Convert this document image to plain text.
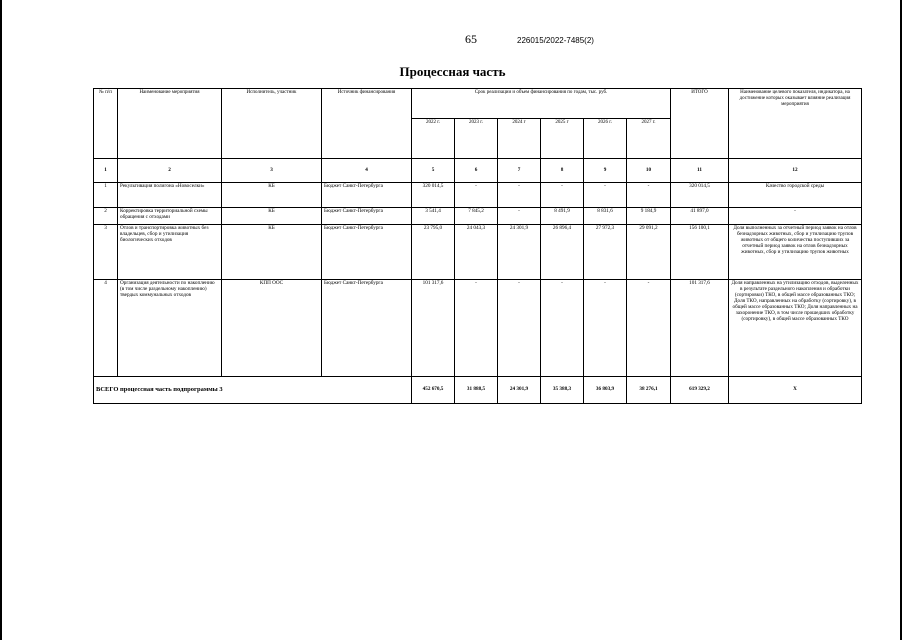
65	226015/2022-7485(2)
Процессная часть
№ п/п	Наименование мероприятия	Исполнитель, участник	Источник финансирования	Срок реализации и объем финансирования по годам, тыс. руб.						ИТОГО	Наименование целевого показателя, индикатора, на достижение которых оказывает влияние реализация мероприятия
				2022 г.	2023 г.	2024 г	2025 г	2026 г.	2027 г.		
1	2	3	4	5	6	7	8	9	10	11	12
1	Рекультивация полигона «Новоселки»	КБ	Бюджет Санкт-Петербурга	320 014,5	-	-	-	-	-	320 014,5	Качество городской среды
2	Корректировка территориальной схемы обращения с отходами	КБ	Бюджет Санкт-Петербурга	3 541,4	7 845,2	-	8 491,9	8 831,6	9 184,9	41 897,0	-
3	Отлов и транспортировка животных без владельцев, сбор и утилизация биологических отходов	КБ	Бюджет Санкт-Петербурга	23 795,0	24 043,3	24 301,9	26 896,4	27 972,3	29 091,2	156 100,1	Доля выполненных за отчетный период заявок на отлов безнадзорных животных, сбор и утилизацию трупов животных от общего количества поступивших за отчетный период заявок на отлов безнадзорных животных, сбор и утилизацию трупов животных
4	Организация деятельности по накоплению (в том числе раздельному накоплению) твердых коммунальных отходов	КПП ООС	Бюджет Санкт-Петербурга	101 317,6	-	-	-	-	-	101 317,6	Доля направленных на утилизацию отходов, выделенных в результате раздельного накопления и обработки (сортировки) ТКО, в общей массе образованных ТКО; Доля ТКО, направленных на обработку (сортировку), в общей массе образованных ТКО; Доля направленных на захоронение ТКО, в том числе прошедших обработку (сортировку), в общей массе образованных ТКО
ВСЕГО процессная часть подпрограммы 3				452 670,5	31 888,5	24 301,9	35 388,3	36 803,9	38 276,1	619 329,2	X
